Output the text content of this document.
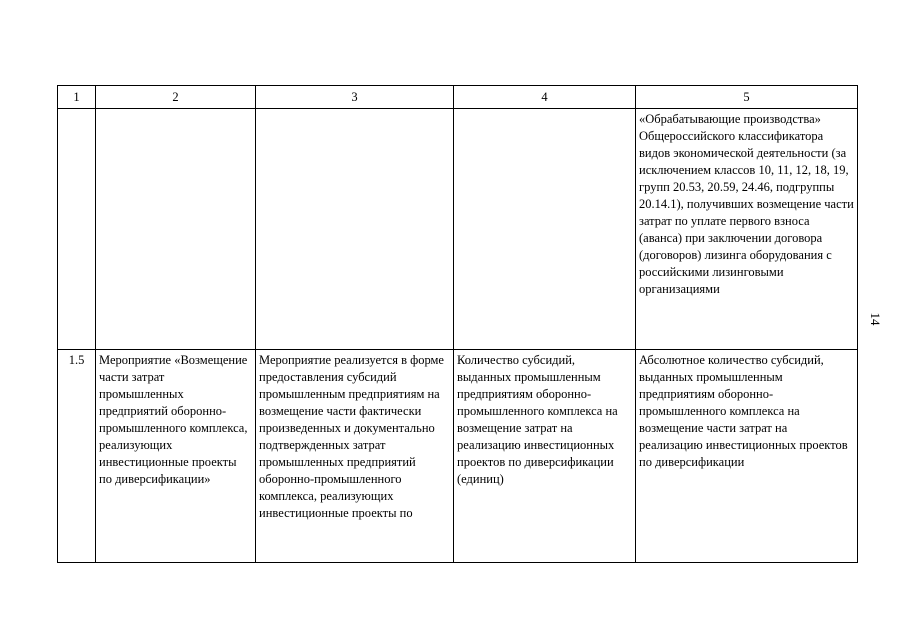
1	2	3	4	5
				«Обрабатывающие производства» Общероссийского классификатора видов экономической деятельности (за исключением классов 10, 11, 12, 18, 19, групп 20.53, 20.59, 24.46, подгруппы 20.14.1), получивших возмещение части затрат по уплате первого взноса (аванса) при заключении договора (договоров) лизинга оборудования с российскими лизинговыми организациями
1.5	Мероприятие «Возмещение части затрат промышленных предприятий оборонно-промышленного комплекса, реализующих инвестиционные проекты по диверсификации»	Мероприятие реализуется в форме предоставления субсидий промышленным предприятиям на возмещение части фактически произведенных и документально подтвержденных затрат промышленных предприятий оборонно-промышленного комплекса, реализующих инвестиционные проекты по	Количество субсидий, выданных промышленным предприятиям оборонно-промышленного комплекса на возмещение затрат на реализацию инвестиционных проектов по диверсификации (единиц)	Абсолютное количество субсидий, выданных промышленным предприятиям оборонно-промышленного комплекса на возмещение части затрат на реализацию инвестиционных проектов по диверсификации
14
